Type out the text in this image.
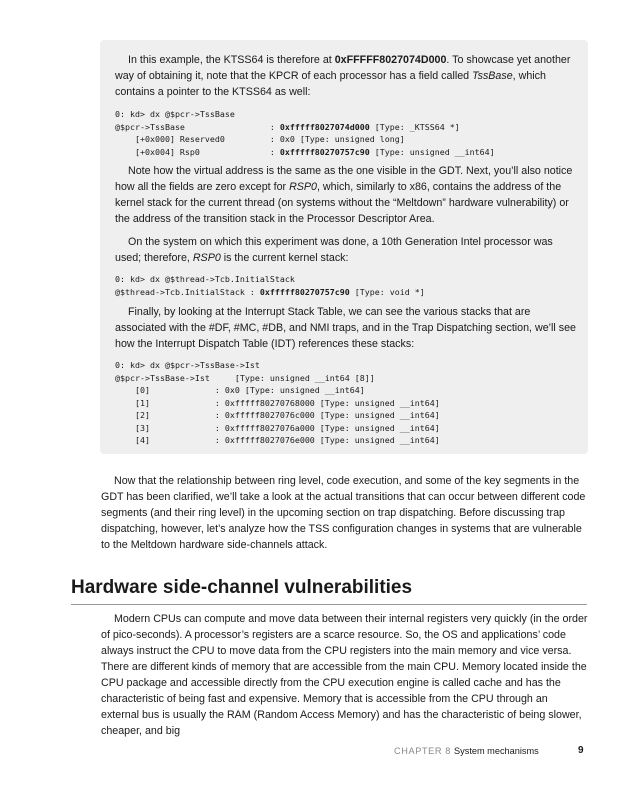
In this example, the KTSS64 is therefore at 0xFFFFF8027074D000. To showcase yet another way of obtaining it, note that the KPCR of each processor has a field called TssBase, which contains a pointer to the KTSS64 as well:

0: kd> dx @$pcr->TssBase
@$pcr->TssBase                 : 0xfffff8027074d000 [Type: _KTSS64 *]
[+0x000] Reserved0         : 0x0 [Type: unsigned long]
[+0x004] Rsp0              : 0xfffff80270757c90 [Type: unsigned __int64]

Note how the virtual address is the same as the one visible in the GDT. Next, you’ll also notice how all the fields are zero except for RSP0, which, similarly to x86, contains the address of the kernel stack for the current thread (on systems without the “Meltdown” hardware vulnerability) or the address of the transition stack in the Processor Descriptor Area.

On the system on which this experiment was done, a 10th Generation Intel processor was used; therefore, RSP0 is the current kernel stack:

0: kd> dx @$thread->Tcb.InitialStack
@$thread->Tcb.InitialStack : 0xfffff80270757c90 [Type: void *]

Finally, by looking at the Interrupt Stack Table, we can see the various stacks that are associated with the #DF, #MC, #DB, and NMI traps, and in the Trap Dispatching section, we’ll see how the Interrupt Dispatch Table (IDT) references these stacks:

0: kd> dx @$pcr->TssBase->Ist
@$pcr->TssBase->Ist     [Type: unsigned __int64 [8]]
[0]             : 0x0 [Type: unsigned __int64]
[1]             : 0xfffff80270768000 [Type: unsigned __int64]
[2]             : 0xfffff8027076c000 [Type: unsigned __int64]
[3]             : 0xfffff8027076a000 [Type: unsigned __int64]
[4]             : 0xfffff8027076e000 [Type: unsigned __int64]

Now that the relationship between ring level, code execution, and some of the key segments in the GDT has been clarified, we’ll take a look at the actual transitions that can occur between different code segments (and their ring level) in the upcoming section on trap dispatching. Before discussing trap dispatching, however, let’s analyze how the TSS configuration changes in systems that are vulnerable to the Meltdown hardware side-channels attack.

Hardware side-channel vulnerabilities

Modern CPUs can compute and move data between their internal registers very quickly (in the order of pico-seconds). A processor’s registers are a scarce resource. So, the OS and applications’ code always instruct the CPU to move data from the CPU registers into the main memory and vice versa. There are different kinds of memory that are accessible from the main CPU. Memory located inside the CPU package and accessible directly from the CPU execution engine is called cache and has the characteristic of being fast and expensive. Memory that is accessible from the CPU through an external bus is usually the RAM (Random Access Memory) and has the characteristic of being slower, cheaper, and big

CHAPTER 8 System mechanisms	9
